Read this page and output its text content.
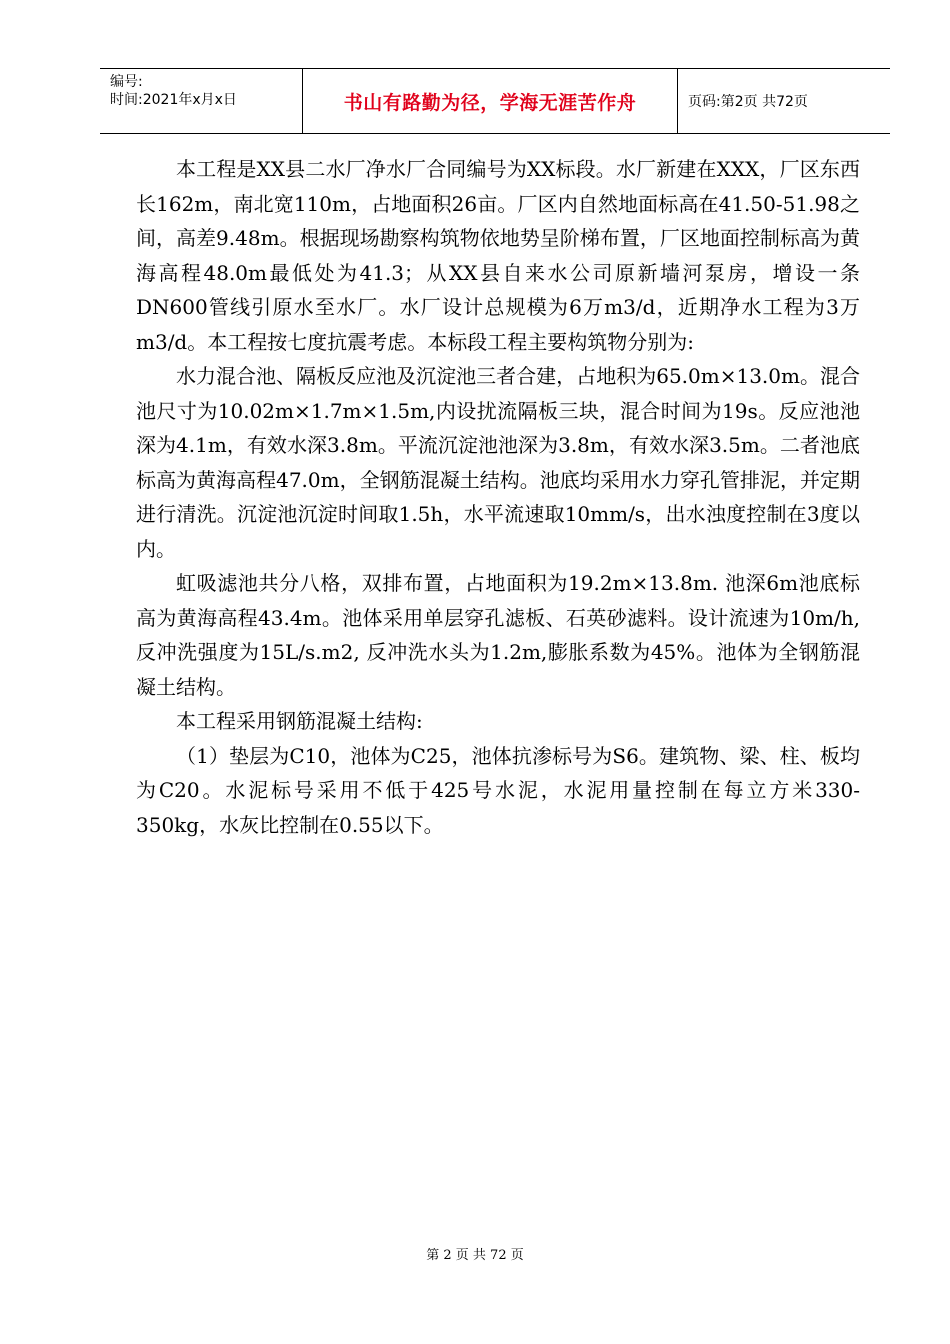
编号:
时间:2021年x月x日	书山有路勤为径，学海无涯苦作舟	页码:第2页 共72页

本工程是XX县二水厂净水厂合同编号为XX标段。水厂新建在XXX，厂区东西长162m，南北宽110m，占地面积26亩。厂区内自然地面标高在41.50-51.98之间，高差9.48m。根据现场勘察构筑物依地势呈阶梯布置，厂区地面控制标高为黄海高程48.0m最低处为41.3；从XX县自来水公司原新墙河泵房，增设一条DN600管线引原水至水厂。水厂设计总规模为6万m3/d，近期净水工程为3万m3/d。本工程按七度抗震考虑。本标段工程主要构筑物分别为:

水力混合池、隔板反应池及沉淀池三者合建，占地积为65.0m×13.0m。混合池尺寸为10.02m×1.7m×1.5m,内设扰流隔板三块，混合时间为19s。反应池池深为4.1m，有效水深3.8m。平流沉淀池池深为3.8m，有效水深3.5m。二者池底标高为黄海高程47.0m，全钢筋混凝土结构。池底均采用水力穿孔管排泥，并定期进行清洗。沉淀池沉淀时间取1.5h，水平流速取10mm/s，出水浊度控制在3度以内。

虹吸滤池共分八格，双排布置，占地面积为19.2m×13.8m. 池深6m池底标高为黄海高程43.4m。池体采用单层穿孔滤板、石英砂滤料。设计流速为10m/h,反冲洗强度为15L/s.m2, 反冲洗水头为1.2m,膨胀系数为45%。池体为全钢筋混凝土结构。

本工程采用钢筋混凝土结构:

（1）垫层为C10，池体为C25，池体抗渗标号为S6。建筑物、梁、柱、板均为C20。水泥标号采用不低于425号水泥，水泥用量控制在每立方米330-350kg，水灰比控制在0.55以下。

第 2 页 共 72 页
